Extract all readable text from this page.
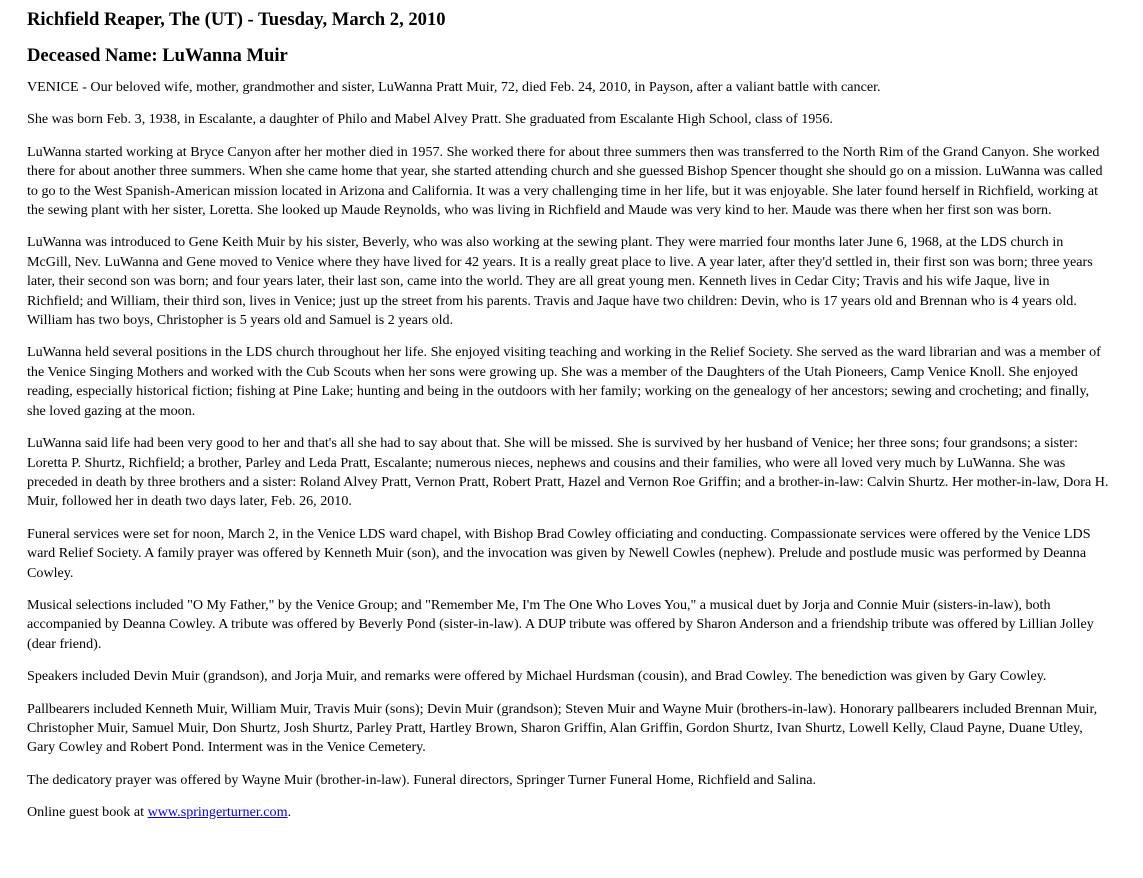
Richfield Reaper, The (UT) - Tuesday, March 2, 2010
Deceased Name: LuWanna Muir

VENICE - Our beloved wife, mother, grandmother and sister, LuWanna Pratt Muir, 72, died Feb. 24, 2010, in Payson, after a valiant battle with cancer.

She was born Feb. 3, 1938, in Escalante, a daughter of Philo and Mabel Alvey Pratt. She graduated from Escalante High School, class of 1956.

LuWanna started working at Bryce Canyon after her mother died in 1957. She worked there for about three summers then was transferred to the North Rim of the Grand Canyon. She worked there for about another three summers. When she came home that year, she started attending church and she guessed Bishop Spencer thought she should go on a mission. LuWanna was called to go to the West Spanish-American mission located in Arizona and California. It was a very challenging time in her life, but it was enjoyable. She later found herself in Richfield, working at the sewing plant with her sister, Loretta. She looked up Maude Reynolds, who was living in Richfield and Maude was very kind to her. Maude was there when her first son was born.

LuWanna was introduced to Gene Keith Muir by his sister, Beverly, who was also working at the sewing plant. They were married four months later June 6, 1968, at the LDS church in McGill, Nev. LuWanna and Gene moved to Venice where they have lived for 42 years. It is a really great place to live. A year later, after they'd settled in, their first son was born; three years later, their second son was born; and four years later, their last son, came into the world. They are all great young men. Kenneth lives in Cedar City; Travis and his wife Jaque, live in Richfield; and William, their third son, lives in Venice; just up the street from his parents. Travis and Jaque have two children: Devin, who is 17 years old and Brennan who is 4 years old. William has two boys, Christopher is 5 years old and Samuel is 2 years old.

LuWanna held several positions in the LDS church throughout her life. She enjoyed visiting teaching and working in the Relief Society. She served as the ward librarian and was a member of the Venice Singing Mothers and worked with the Cub Scouts when her sons were growing up. She was a member of the Daughters of the Utah Pioneers, Camp Venice Knoll. She enjoyed reading, especially historical fiction; fishing at Pine Lake; hunting and being in the outdoors with her family; working on the genealogy of her ancestors; sewing and crocheting; and finally, she loved gazing at the moon.

LuWanna said life had been very good to her and that's all she had to say about that. She will be missed. She is survived by her husband of Venice; her three sons; four grandsons; a sister: Loretta P. Shurtz, Richfield; a brother, Parley and Leda Pratt, Escalante; numerous nieces, nephews and cousins and their families, who were all loved very much by LuWanna. She was preceded in death by three brothers and a sister: Roland Alvey Pratt, Vernon Pratt, Robert Pratt, Hazel and Vernon Roe Griffin; and a brother-in-law: Calvin Shurtz. Her mother-in-law, Dora H. Muir, followed her in death two days later, Feb. 26, 2010.

Funeral services were set for noon, March 2, in the Venice LDS ward chapel, with Bishop Brad Cowley officiating and conducting. Compassionate services were offered by the Venice LDS ward Relief Society. A family prayer was offered by Kenneth Muir (son), and the invocation was given by Newell Cowles (nephew). Prelude and postlude music was performed by Deanna Cowley.

Musical selections included "O My Father," by the Venice Group; and "Remember Me, I'm The One Who Loves You," a musical duet by Jorja and Connie Muir (sisters-in-law), both accompanied by Deanna Cowley. A tribute was offered by Beverly Pond (sister-in-law). A DUP tribute was offered by Sharon Anderson and a friendship tribute was offered by Lillian Jolley (dear friend).

Speakers included Devin Muir (grandson), and Jorja Muir, and remarks were offered by Michael Hurdsman (cousin), and Brad Cowley. The benediction was given by Gary Cowley.

Pallbearers included Kenneth Muir, William Muir, Travis Muir (sons); Devin Muir (grandson); Steven Muir and Wayne Muir (brothers-in-law). Honorary pallbearers included Brennan Muir, Christopher Muir, Samuel Muir, Don Shurtz, Josh Shurtz, Parley Pratt, Hartley Brown, Sharon Griffin, Alan Griffin, Gordon Shurtz, Ivan Shurtz, Lowell Kelly, Claud Payne, Duane Utley, Gary Cowley and Robert Pond. Interment was in the Venice Cemetery.

The dedicatory prayer was offered by Wayne Muir (brother-in-law). Funeral directors, Springer Turner Funeral Home, Richfield and Salina.

Online guest book at www.springerturner.com.
